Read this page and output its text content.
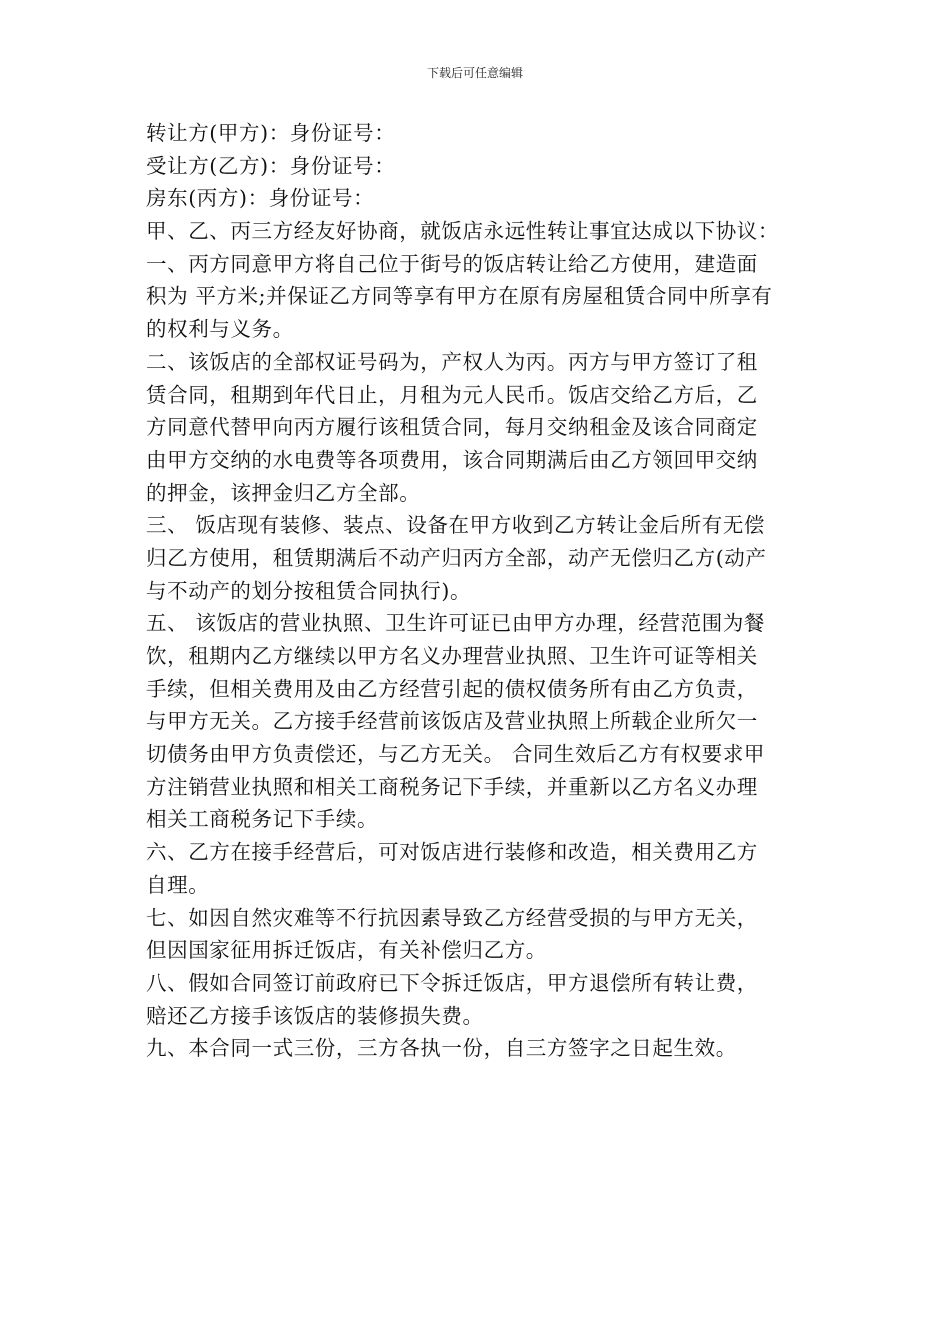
下载后可任意编辑
转让方(甲方)：身份证号：
受让方(乙方)：身份证号：
房东(丙方)：身份证号：
甲、乙、丙三方经友好协商，就饭店永远性转让事宜达成以下协议：
一、丙方同意甲方将自己位于街号的饭店转让给乙方使用，建造面
积为 平方米;并保证乙方同等享有甲方在原有房屋租赁合同中所享有
的权利与义务。
二、该饭店的全部权证号码为，产权人为丙。丙方与甲方签订了租
赁合同，租期到年代日止，月租为元人民币。饭店交给乙方后，乙
方同意代替甲向丙方履行该租赁合同，每月交纳租金及该合同商定
由甲方交纳的水电费等各项费用，该合同期满后由乙方领回甲交纳
的押金，该押金归乙方全部。
三、 饭店现有装修、装点、设备在甲方收到乙方转让金后所有无偿
归乙方使用，租赁期满后不动产归丙方全部，动产无偿归乙方(动产
与不动产的划分按租赁合同执行)。
五、 该饭店的营业执照、卫生许可证已由甲方办理，经营范围为餐
饮，租期内乙方继续以甲方名义办理营业执照、卫生许可证等相关
手续，但相关费用及由乙方经营引起的债权债务所有由乙方负责，
与甲方无关。乙方接手经营前该饭店及营业执照上所载企业所欠一
切债务由甲方负责偿还，与乙方无关。 合同生效后乙方有权要求甲
方注销营业执照和相关工商税务记下手续，并重新以乙方名义办理
相关工商税务记下手续。
六、乙方在接手经营后，可对饭店进行装修和改造，相关费用乙方
自理。
七、如因自然灾难等不行抗因素导致乙方经营受损的与甲方无关，
但因国家征用拆迁饭店，有关补偿归乙方。
八、假如合同签订前政府已下令拆迁饭店，甲方退偿所有转让费，
赔还乙方接手该饭店的装修损失费。
九、本合同一式三份，三方各执一份，自三方签字之日起生效。
